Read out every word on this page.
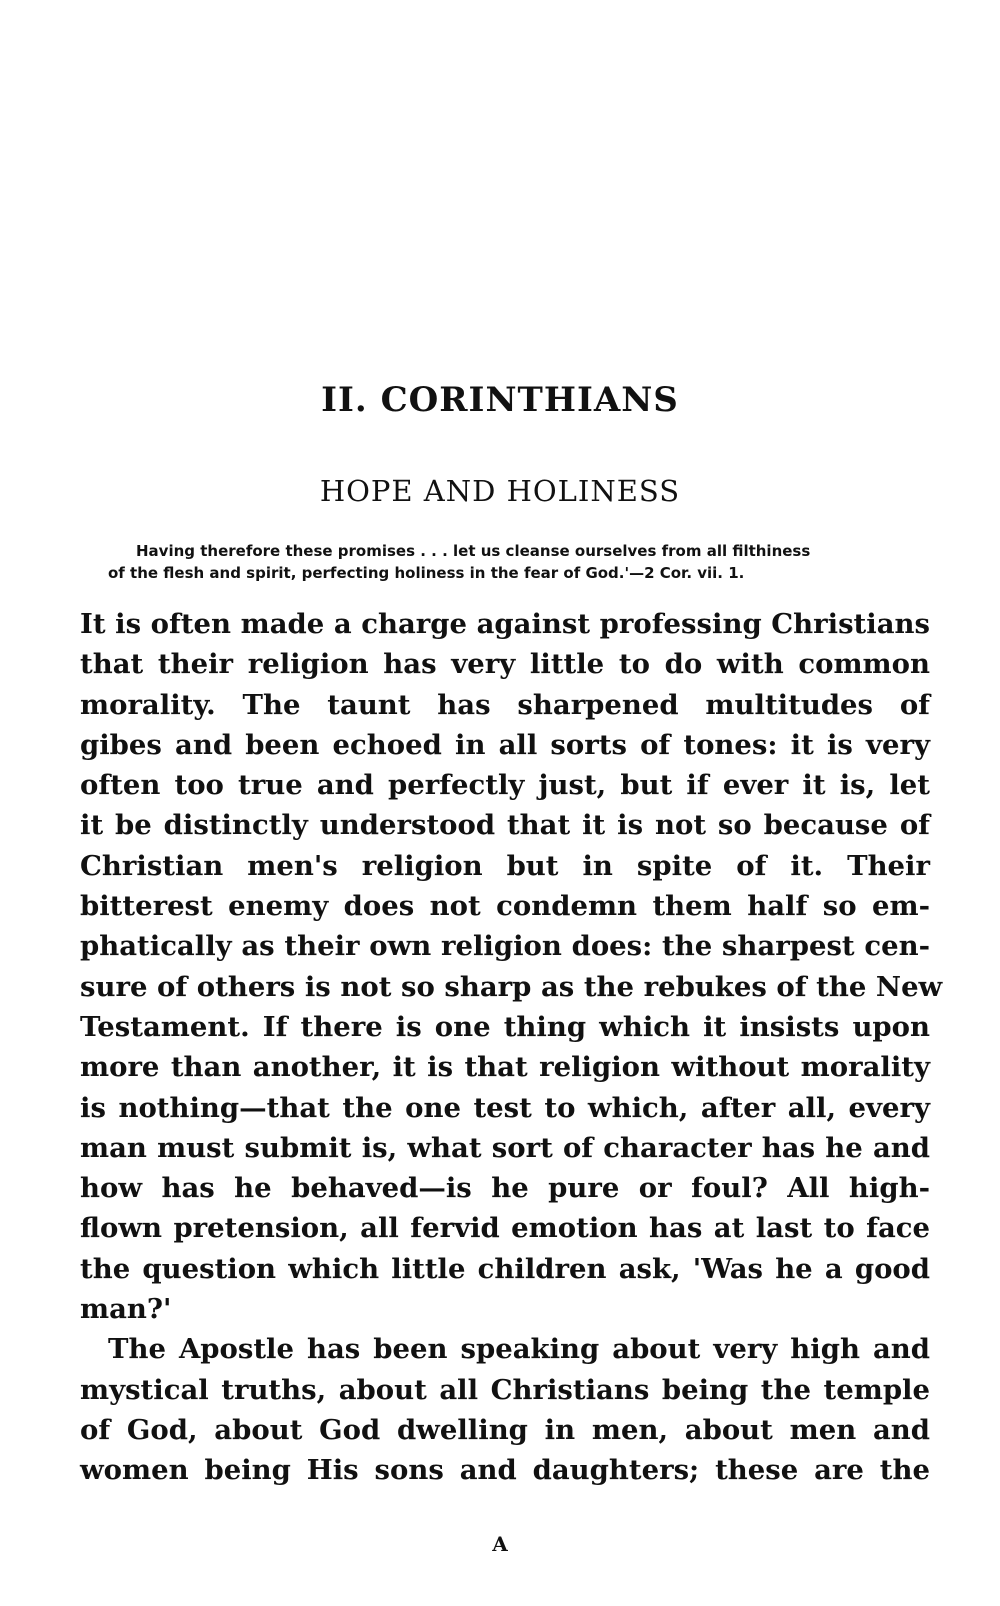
II. CORINTHIANS
HOPE AND HOLINESS
Having therefore these promises . . . let us cleanse ourselves from all filthiness
of the flesh and spirit, perfecting holiness in the fear of God.'—2 Cor. vii. 1.
It is often made a charge against professing Christians
that their religion has very little to do with common
morality. The taunt has sharpened multitudes of
gibes and been echoed in all sorts of tones: it is very
often too true and perfectly just, but if ever it is, let
it be distinctly understood that it is not so because of
Christian men's religion but in spite of it. Their
bitterest enemy does not condemn them half so em-
phatically as their own religion does: the sharpest cen-
sure of others is not so sharp as the rebukes of the New
Testament. If there is one thing which it insists upon
more than another, it is that religion without morality
is nothing—that the one test to which, after all, every
man must submit is, what sort of character has he and
how has he behaved—is he pure or foul? All high-
flown pretension, all fervid emotion has at last to face
the question which little children ask, 'Was he a good
man?'
The Apostle has been speaking about very high and
mystical truths, about all Christians being the temple
of God, about God dwelling in men, about men and
women being His sons and daughters; these are the
A
